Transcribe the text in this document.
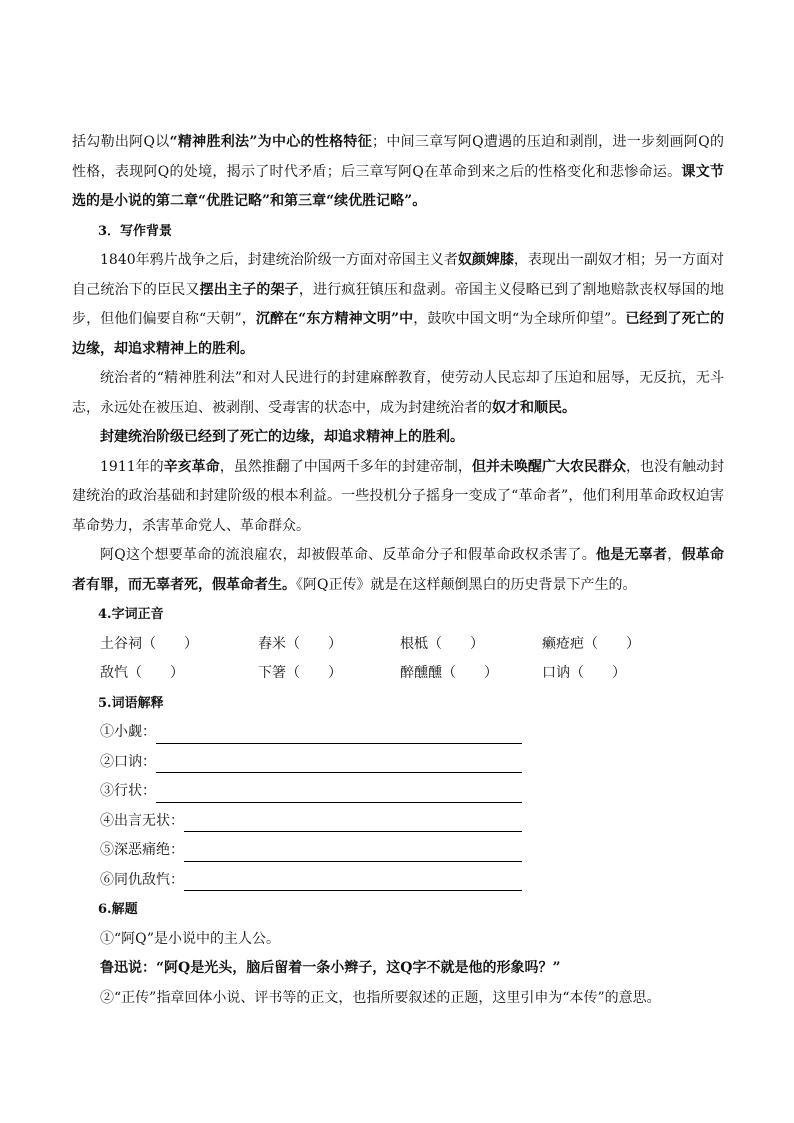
括勾勒出阿Q以“精神胜利法”为中心的性格特征；中间三章写阿Q遭遇的压迫和剥削，进一步刻画阿Q的性格，表现阿Q的处境，揭示了时代矛盾；后三章写阿Q在革命到来之后的性格变化和悲惨命运。课文节选的是小说的第二章“优胜记略”和第三章“续优胜记略”。

3．写作背景

1840年鸦片战争之后，封建统治阶级一方面对帝国主义者奴颜婢膝，表现出一副奴才相；另一方面对自己统治下的臣民又摆出主子的架子，进行疯狂镇压和盘剥。帝国主义侵略已到了割地赔款丧权辱国的地步，但他们偏要自称“天朝”，沉醉在“东方精神文明”中，鼓吹中国文明“为全球所仰望”。已经到了死亡的边缘，却追求精神上的胜利。

统治者的“精神胜利法”和对人民进行的封建麻醉教育，使劳动人民忘却了压迫和屈辱，无反抗，无斗志，永远处在被压迫、被剥削、受毒害的状态中，成为封建统治者的奴才和顺民。

封建统治阶级已经到了死亡的边缘，却追求精神上的胜利。

1911年的辛亥革命，虽然推翻了中国两千多年的封建帝制，但并未唤醒广大农民群众，也没有触动封建统治的政治基础和封建阶级的根本利益。一些投机分子摇身一变成了“革命者”，他们利用革命政权迫害革命势力，杀害革命党人、革命群众。

阿Q这个想要革命的流浪雇农，却被假革命、反革命分子和假革命政权杀害了。他是无辜者，假革命者有罪，而无辜者死，假革命者生。《阿Q正传》就是在这样颠倒黑白的历史背景下产生的。

4.字词正音

土谷祠（　　）	舂米（　　）	根柢（　　）	癞疮疤（　　）
敌忾（　　）	下箸（　　）	醉醺醺（　　）	口讷（　　）

5.词语解释

①小觑：
②口讷：
③行状：
④出言无状：
⑤深恶痛绝：
⑥同仇敌忾：

6.解题

①“阿Q”是小说中的主人公。

鲁迅说：“阿Q是光头，脑后留着一条小辫子，这Q字不就是他的形象吗？”

②“正传”指章回体小说、评书等的正文，也指所要叙述的正题，这里引申为“本传”的意思。
